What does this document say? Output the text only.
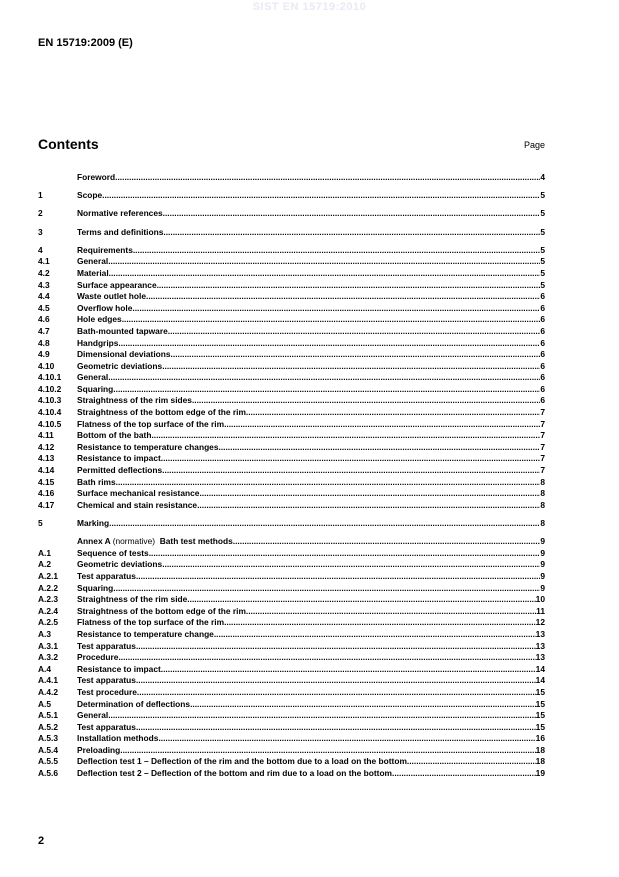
SIST EN 15719:2010
EN 15719:2009 (E)
Contents	Page
Foreword .....	4
1	Scope .....	5
2	Normative references .....	5
3	Terms and definitions .....	5
4	Requirements .....	5
4.1	General .....	5
4.2	Material .....	5
4.3	Surface appearance .....	5
4.4	Waste outlet hole .....	6
4.5	Overflow hole .....	6
4.6	Hole edges .....	6
4.7	Bath-mounted tapware .....	6
4.8	Handgrips .....	6
4.9	Dimensional deviations .....	6
4.10	Geometric deviations .....	6
4.10.1	General .....	6
4.10.2	Squaring .....	6
4.10.3	Straightness of the rim sides .....	6
4.10.4	Straightness of the bottom edge of the rim .....	7
4.10.5	Flatness of the top surface of the rim .....	7
4.11	Bottom of the bath .....	7
4.12	Resistance to temperature changes .....	7
4.13	Resistance to impact .....	7
4.14	Permitted deflections .....	7
4.15	Bath rims .....	8
4.16	Surface mechanical resistance .....	8
4.17	Chemical and stain resistance .....	8
5	Marking .....	8
Annex A (normative) Bath test methods .....	9
A.1	Sequence of tests .....	9
A.2	Geometric deviations .....	9
A.2.1	Test apparatus .....	9
A.2.2	Squaring .....	9
A.2.3	Straightness of the rim side .....	10
A.2.4	Straightness of the bottom edge of the rim .....	11
A.2.5	Flatness of the top surface of the rim .....	12
A.3	Resistance to temperature change .....	13
A.3.1	Test apparatus .....	13
A.3.2	Procedure .....	13
A.4	Resistance to impact .....	14
A.4.1	Test apparatus .....	14
A.4.2	Test procedure .....	15
A.5	Determination of deflections .....	15
A.5.1	General .....	15
A.5.2	Test apparatus .....	15
A.5.3	Installation methods .....	16
A.5.4	Preloading .....	18
A.5.5	Deflection test 1 – Deflection of the rim and the bottom due to a load on the bottom .....	18
A.5.6	Deflection test 2 – Deflection of the bottom and rim due to a load on the bottom .....	19
2
